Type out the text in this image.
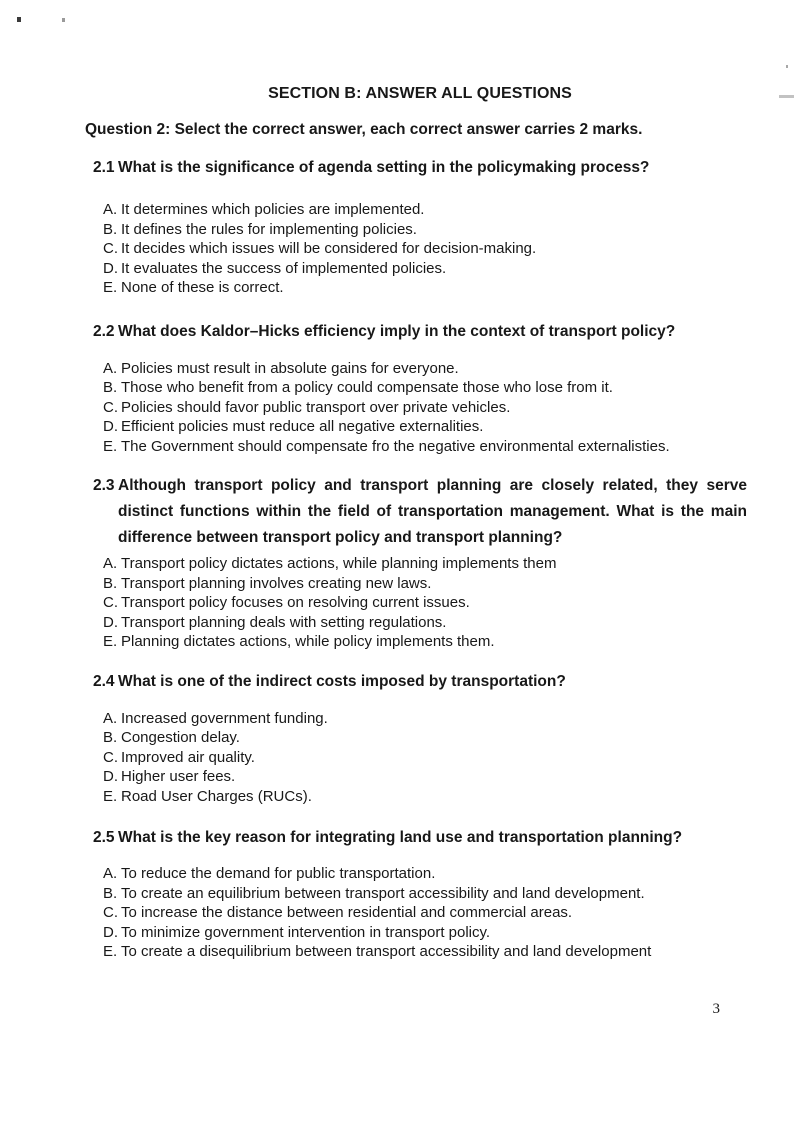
SECTION B: ANSWER ALL QUESTIONS

Question 2: Select the correct answer, each correct answer carries 2 marks.

2.1 What is the significance of agenda setting in the policymaking process?
A. It determines which policies are implemented.
B. It defines the rules for implementing policies.
C. It decides which issues will be considered for decision-making.
D. It evaluates the success of implemented policies.
E. None of these is correct.
2.2 What does Kaldor–Hicks efficiency imply in the context of transport policy?
A. Policies must result in absolute gains for everyone.
B. Those who benefit from a policy could compensate those who lose from it.
C. Policies should favor public transport over private vehicles.
D. Efficient policies must reduce all negative externalities.
E. The Government should compensate fro the negative environmental externalisties.
2.3 Although transport policy and transport planning are closely related, they serve distinct functions within the field of transportation management. What is the main difference between transport policy and transport planning?
A. Transport policy dictates actions, while planning implements them
B. Transport planning involves creating new laws.
C. Transport policy focuses on resolving current issues.
D. Transport planning deals with setting regulations.
E. Planning dictates actions, while policy implements them.
2.4 What is one of the indirect costs imposed by transportation?
A. Increased government funding.
B. Congestion delay.
C. Improved air quality.
D. Higher user fees.
E. Road User Charges (RUCs).
2.5 What is the key reason for integrating land use and transportation planning?
A. To reduce the demand for public transportation.
B. To create an equilibrium between transport accessibility and land development.
C. To increase the distance between residential and commercial areas.
D. To minimize government intervention in transport policy.
E. To create a disequilibrium between transport accessibility and land development
3
